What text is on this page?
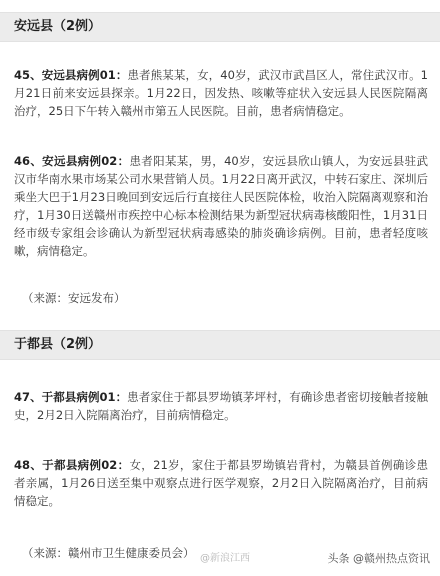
安远县（2例）
45、安远县病例01：患者熊某某，女，40岁，武汉市武昌区人，常住武汉市。1月21日前来安远县探亲。1月22日，因发热、咳嗽等症状入安远县人民医院隔离治疗，25日下午转入赣州市第五人民医院。目前，患者病情稳定。
46、安远县病例02：患者阳某某，男，40岁，安远县欣山镇人，为安远县驻武汉市华南水果市场某公司水果营销人员。1月22日离开武汉，中转石家庄、深圳后乘坐大巴于1月23日晚回到安远后行直接往人民医院体检，收治入院隔离观察和治疗，1月30日送赣州市疾控中心标本检测结果为新型冠状病毒核酸阳性，1月31日经市级专家组会诊确认为新型冠状病毒感染的肺炎确诊病例。目前，患者轻度咳嗽，病情稳定。
（来源：安远发布）
于都县（2例）
47、于都县病例01：患者家住于都县罗坳镇茅坪村，有确诊患者密切接触者接触史，2月2日入院隔离治疗，目前病情稳定。
48、于都县病例02：女，21岁，家住于都县罗坳镇岩背村，为赣县首例确诊患者亲属，1月26日送至集中观察点进行医学观察，2月2日入院隔离治疗，目前病情稳定。
（来源：赣州市卫生健康委员会） @新浪江西	头条 @赣州热点资讯
